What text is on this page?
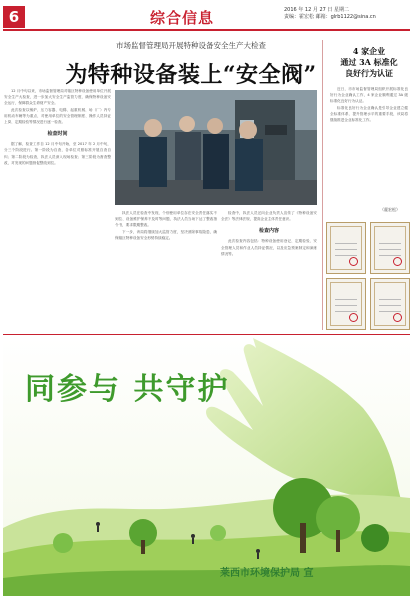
6	综合信息	2016 年 12 月 27 日 星期二
责编：霍宏松 邮箱：glrb1122@sina.cn
市场监督管理局开展特种设备安全生产大检查
为特种设备装上“安全阀”

12 月中旬以来，市场监督管理局对辖区特种设备使用单位开展安全生产大检查，进一步加大安全生产监管力度，确保特种设备安全运行，保障群众生命财产安全。

此次检查以锅炉、压力容器、电梯、起重机械、场（厂）内专用机动车辆等为重点，对使用单位的安全管理制度、操作人员持证上岗、定期检验等情况进行逐一检查。

检查时间

据了解，检查工作自 12 月中旬开始，至 2017 年 2 月中旬，分三个阶段进行。第一阶段为自查，各单位对照标准开展自查自纠；第二阶段为检查，执法人员深入现场检查；第三阶段为督查整改，对发现的问题督促整改到位。

执法人员在检查中发现，个别使用单位存在安全责任落实不到位、设备维护保养不及时等问题，执法人员当场下达了整改指令书，要求限期整改。

下一步，该局将继续加大监管力度，坚决消除事故隐患，确保辖区特种设备安全形势持续稳定。

检查中，执法人员还向企业负责人宣传了《特种设备安全法》等法律法规，提高企业主体责任意识。

检查内容

此次检查内容包括：特种设备使用登记、定期检验、安全管理人员和作业人员持证情况，以及应急预案制定和演练情况等。

4 家企业
通过 3A 标准化
良好行为认证

近日，市市场监督管理局组织开展标准化良好行为企业确认工作，4 家企业顺利通过 3A 级标准化良好行为认证。

标准化良好行为企业确认是引导企业建立健全标准体系、提升管理水平的重要手段，该局将继续推进企业标准化工作。

（霍宏松）
同参与 共守护
莱西市环境保护局 宣
